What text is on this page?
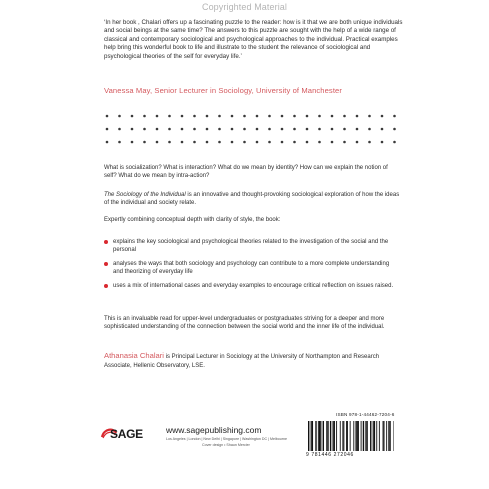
Copyrighted Material

‘In her book , Chalari offers up a fascinating puzzle to the reader: how is it that we are both unique individuals and social beings at the same time? The answers to this puzzle are sought with the help of a wide range of classical and contemporary sociological and psychological approaches to the individual. Practical examples help bring this wonderful book to life and illustrate to the student the relevance of sociological and psychological theories of the self for everyday life.’

Vanessa May, Senior Lecturer in Sociology, University of Manchester

What is socialization? What is interaction? What do we mean by identity? How can we explain the notion of self? What do we mean by intra-action?

The Sociology of the Individual is an innovative and thought-provoking sociological exploration of how the ideas of the individual and society relate.

Expertly combining conceptual depth with clarity of style, the book:

explains the key sociological and psychological theories related to the investigation of the social and the personal
analyses the ways that both sociology and psychology can contribute to a more complete understanding and theorizing of everyday life
uses a mix of international cases and everyday examples to encourage critical reflection on issues raised.

This is an invaluable read for upper-level undergraduates or postgraduates striving for a deeper and more sophisticated understanding of the connection between the social world and the inner life of the individual.

Athanasia Chalari is Principal Lecturer in Sociology at the University of Northampton and Research Associate, Hellenic Observatory, LSE.

SAGE	www.sagepublishing.com
Los Angeles | London | New Delhi | Singapore | Washington DC | Melbourne
Cover design • Shaun Mercier
ISBN 978-1-44462-7204-6
9 781446 272046
